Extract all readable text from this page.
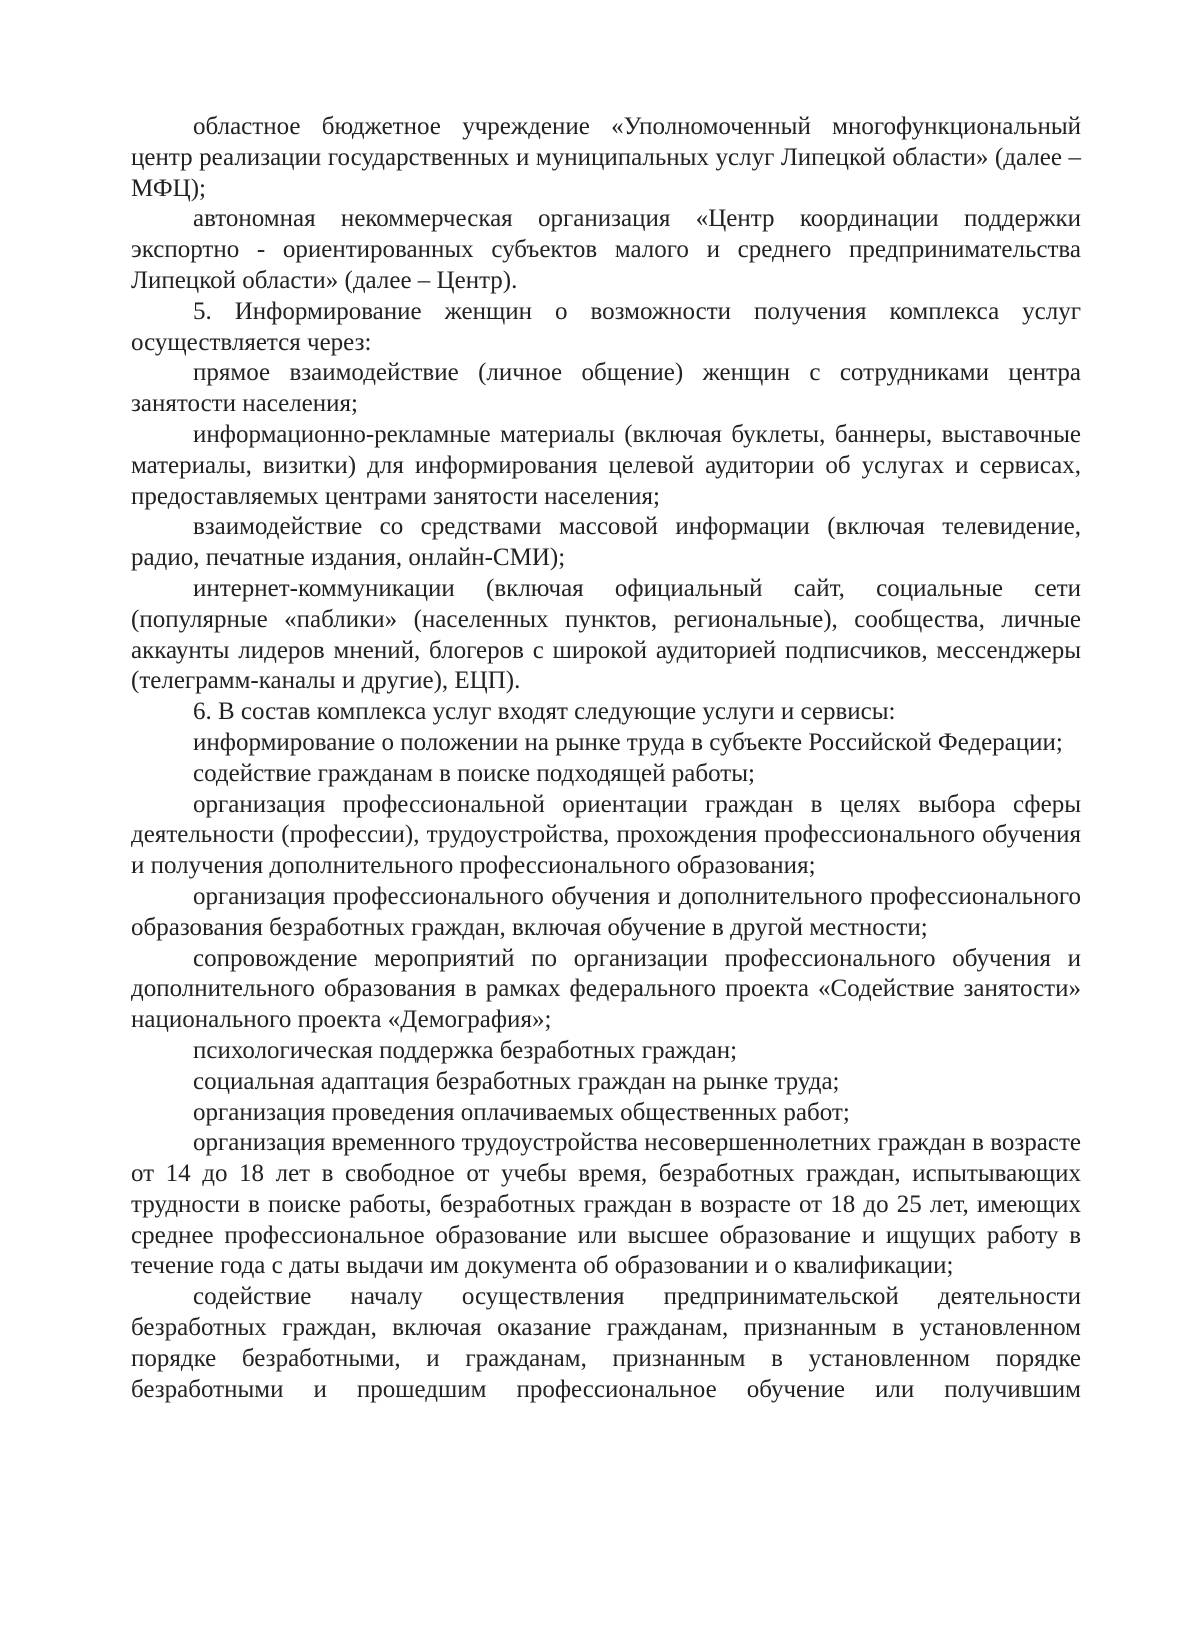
областное бюджетное учреждение «Уполномоченный многофункциональный центр реализации государственных и муниципальных услуг Липецкой области» (далее – МФЦ);

автономная некоммерческая организация «Центр координации поддержки экспортно - ориентированных субъектов малого и среднего предпринимательства Липецкой области» (далее – Центр).

5. Информирование женщин о возможности получения комплекса услуг осуществляется через:

прямое взаимодействие (личное общение) женщин с сотрудниками центра занятости населения;

информационно-рекламные материалы (включая буклеты, баннеры, выставочные материалы, визитки) для информирования целевой аудитории об услугах и сервисах, предоставляемых центрами занятости населения;

взаимодействие со средствами массовой информации (включая телевидение, радио, печатные издания, онлайн-СМИ);

интернет-коммуникации (включая официальный сайт, социальные сети (популярные «паблики» (населенных пунктов, региональные), сообщества, личные аккаунты лидеров мнений, блогеров с широкой аудиторией подписчиков, мессенджеры (телеграмм-каналы и другие), ЕЦП).

6. В состав комплекса услуг входят следующие услуги и сервисы:

информирование о положении на рынке труда в субъекте Российской Федерации;

содействие гражданам в поиске подходящей работы;

организация профессиональной ориентации граждан в целях выбора сферы деятельности (профессии), трудоустройства, прохождения профессионального обучения и получения дополнительного профессионального образования;

организация профессионального обучения и дополнительного профессионального образования безработных граждан, включая обучение в другой местности;

сопровождение мероприятий по организации профессионального обучения и дополнительного образования в рамках федерального проекта «Содействие занятости» национального проекта «Демография»;

психологическая поддержка безработных граждан;

социальная адаптация безработных граждан на рынке труда;

организация проведения оплачиваемых общественных работ;

организация временного трудоустройства несовершеннолетних граждан в возрасте от 14 до 18 лет в свободное от учебы время, безработных граждан, испытывающих трудности в поиске работы, безработных граждан в возрасте от 18 до 25 лет, имеющих среднее профессиональное образование или высшее образование и ищущих работу в течение года с даты выдачи им документа об образовании и о квалификации;

содействие началу осуществления предпринимательской деятельности безработных граждан, включая оказание гражданам, признанным в установленном порядке безработными, и гражданам, признанным в установленном порядке безработными и прошедшим профессиональное обучение или получившим
